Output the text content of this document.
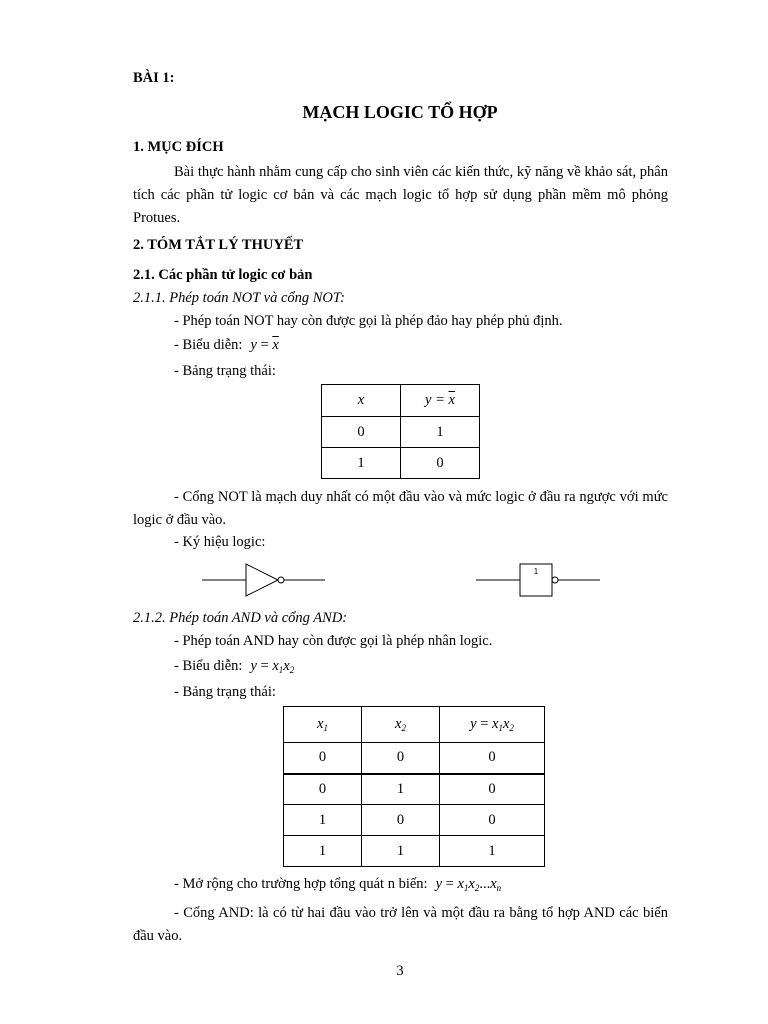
BÀI 1:
MẠCH LOGIC TỔ HỢP
1. MỤC ĐÍCH
Bài thực hành nhằm cung cấp cho sinh viên các kiến thức, kỹ năng về khảo sát, phân tích các phần tử logic cơ bản và các mạch logic tổ hợp sử dụng phần mềm mô phỏng Protues.
2. TÓM TẮT LÝ THUYẾT
2.1. Các phần tử logic cơ bản
2.1.1. Phép toán NOT và cổng NOT:
- Phép toán NOT hay còn được gọi là phép đảo hay phép phủ định.
- Biểu diễn: $y = \overline{x}$
- Bảng trạng thái:
x	$y = \overline{x}$
0	1
1	0
- Cổng NOT là mạch duy nhất có một đầu vào và mức logic ở đầu ra ngược với mức logic ở đầu vào.
- Ký hiệu logic:
1
2.1.2. Phép toán AND và cổng AND:
- Phép toán AND hay còn được gọi là phép nhân logic.
- Biểu diễn: $y = x_1x_2$
- Bảng trạng thái:
$x_1$	$x_2$	$y = x_1x_2$
0	0	0
0	1	0
1	0	0
1	1	1
- Mở rộng cho trường hợp tổng quát n biến: $y = x_1x_2...x_n$
- Cổng AND: là có từ hai đầu vào trở lên và một đầu ra bằng tổ hợp AND các biến đầu vào.
3
